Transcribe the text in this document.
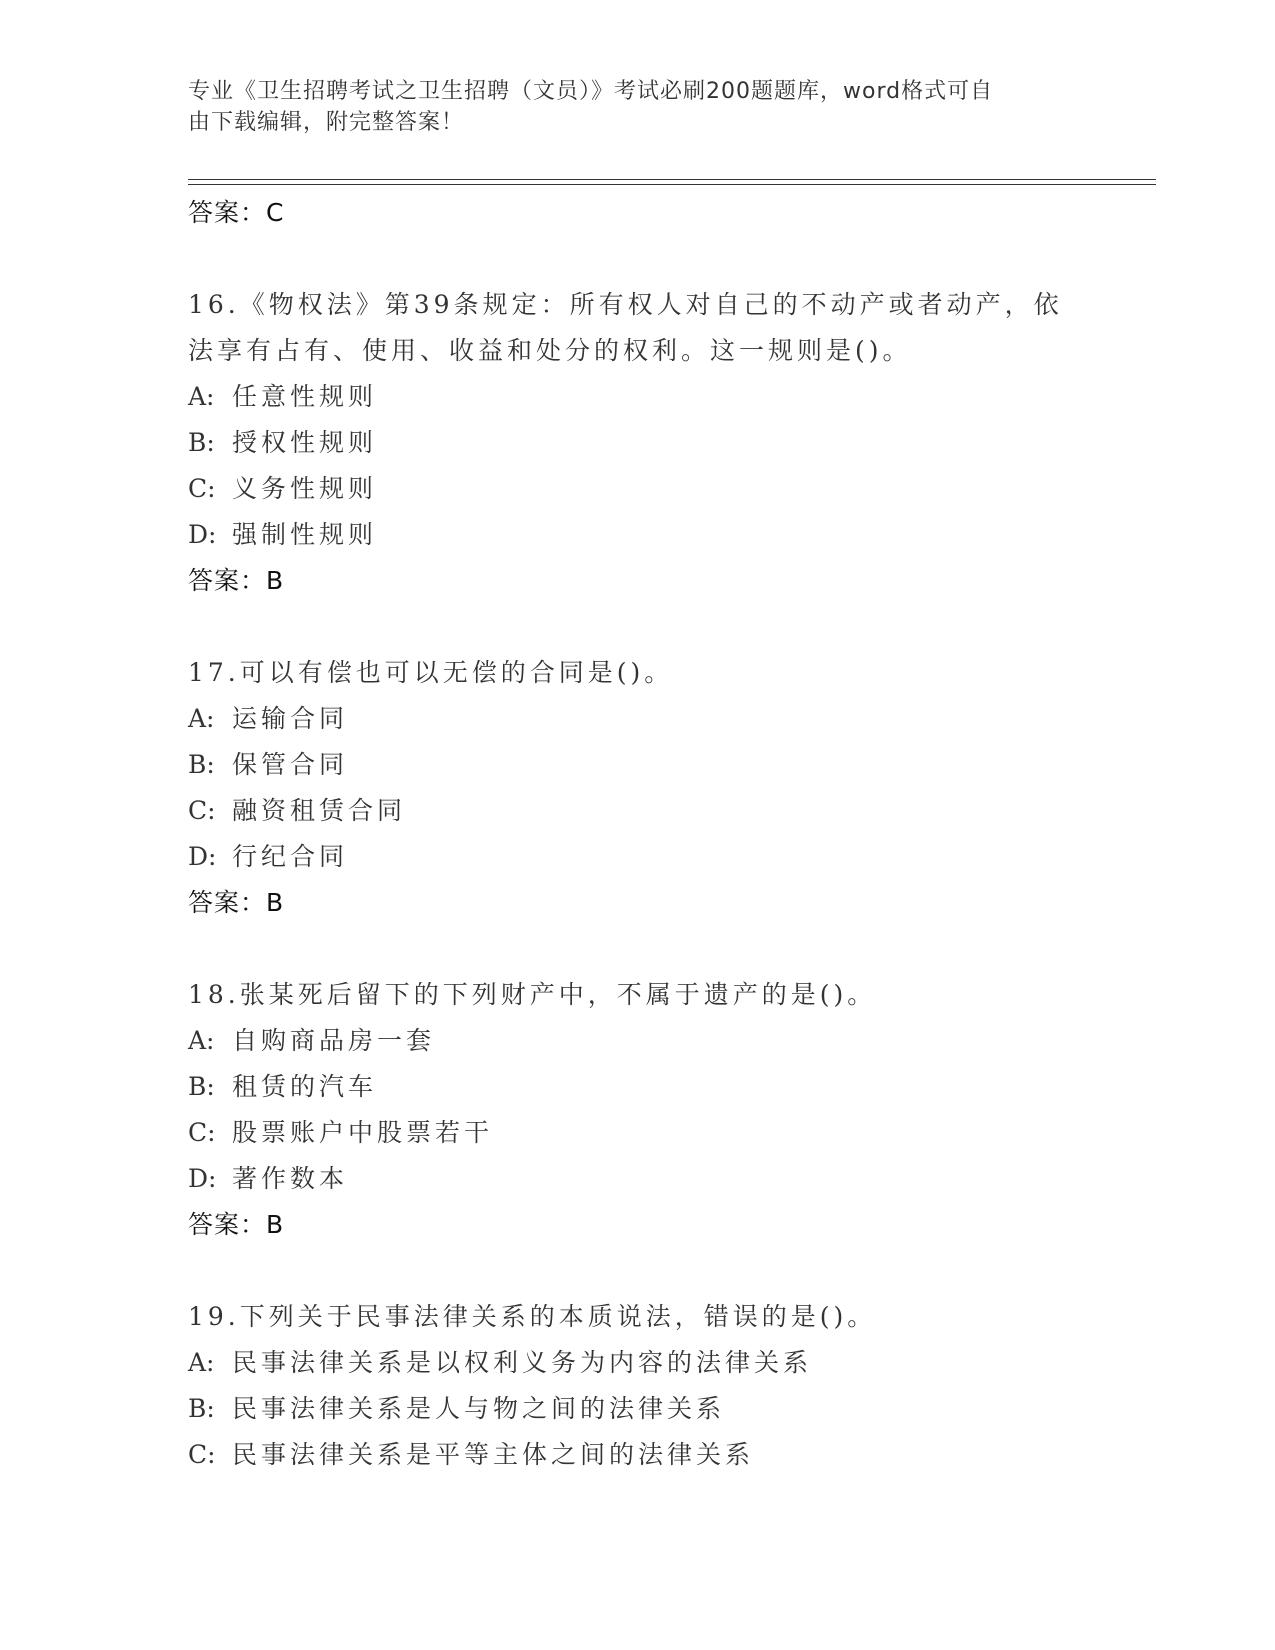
专业《卫生招聘考试之卫生招聘（文员）》考试必刷200题题库，word格式可自
由下载编辑，附完整答案！
答案：C
16.《物权法》第39条规定：所有权人对自己的不动产或者动产，依
法享有占有、使用、收益和处分的权利。这一规则是()。
A: 任意性规则
B: 授权性规则
C: 义务性规则
D: 强制性规则
答案：B
17.可以有偿也可以无偿的合同是()。
A: 运输合同
B: 保管合同
C: 融资租赁合同
D: 行纪合同
答案：B
18.张某死后留下的下列财产中，不属于遗产的是()。
A: 自购商品房一套
B: 租赁的汽车
C: 股票账户中股票若干
D: 著作数本
答案：B
19.下列关于民事法律关系的本质说法，错误的是()。
A: 民事法律关系是以权利义务为内容的法律关系
B: 民事法律关系是人与物之间的法律关系
C: 民事法律关系是平等主体之间的法律关系
